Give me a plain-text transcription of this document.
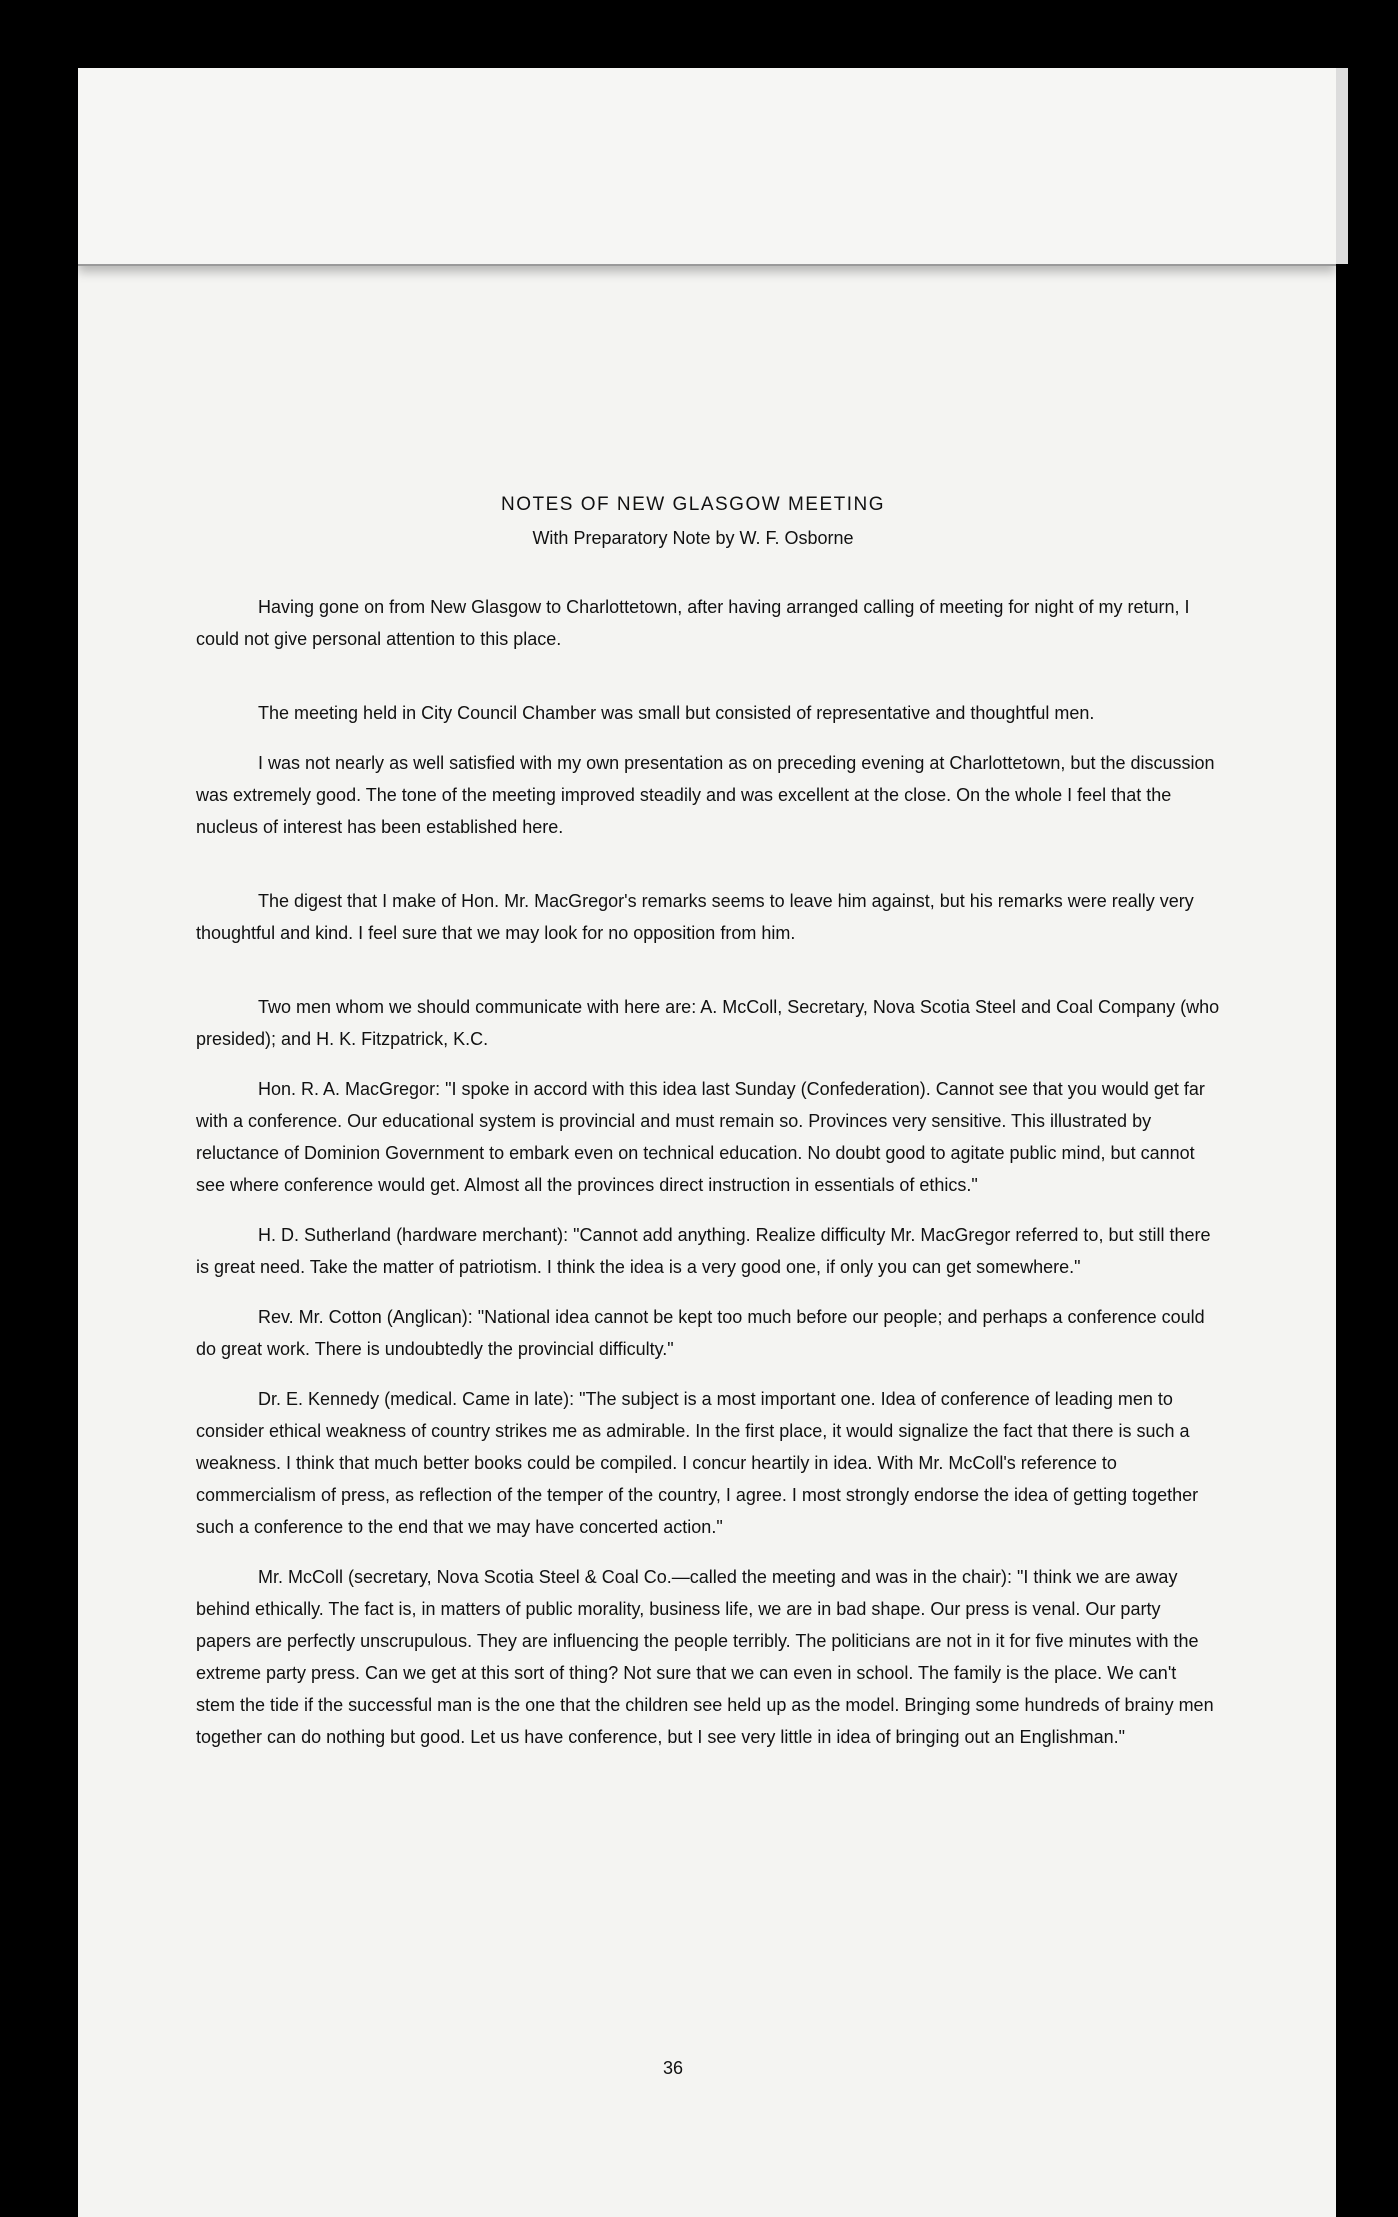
NOTES OF NEW GLASGOW MEETING
With Preparatory Note by W. F. Osborne

Having gone on from New Glasgow to Charlottetown, after having arranged calling of meeting for night of my return, I could not give personal attention to this place.

The meeting held in City Council Chamber was small but consisted of representative and thoughtful men.

I was not nearly as well satisfied with my own presentation as on preceding evening at Charlottetown, but the discussion was extremely good. The tone of the meeting improved steadily and was excellent at the close. On the whole I feel that the nucleus of interest has been established here.

The digest that I make of Hon. Mr. MacGregor's remarks seems to leave him against, but his remarks were really very thoughtful and kind. I feel sure that we may look for no opposition from him.

Two men whom we should communicate with here are: A. McColl, Secretary, Nova Scotia Steel and Coal Company (who presided); and H. K. Fitzpatrick, K.C.

Hon. R. A. MacGregor: "I spoke in accord with this idea last Sunday (Confederation). Cannot see that you would get far with a conference. Our educational system is provincial and must remain so. Provinces very sensitive. This illustrated by reluctance of Dominion Government to embark even on technical education. No doubt good to agitate public mind, but cannot see where conference would get. Almost all the provinces direct instruction in essentials of ethics."

H. D. Sutherland (hardware merchant): "Cannot add anything. Realize difficulty Mr. MacGregor referred to, but still there is great need. Take the matter of patriotism. I think the idea is a very good one, if only you can get somewhere."

Rev. Mr. Cotton (Anglican): "National idea cannot be kept too much before our people; and perhaps a conference could do great work. There is undoubtedly the provincial difficulty."

Dr. E. Kennedy (medical. Came in late): "The subject is a most important one. Idea of conference of leading men to consider ethical weakness of country strikes me as admirable. In the first place, it would signalize the fact that there is such a weakness. I think that much better books could be compiled. I concur heartily in idea. With Mr. McColl's reference to commercialism of press, as reflection of the temper of the country, I agree. I most strongly endorse the idea of getting together such a conference to the end that we may have concerted action."

Mr. McColl (secretary, Nova Scotia Steel & Coal Co.—called the meeting and was in the chair): "I think we are away behind ethically. The fact is, in matters of public morality, business life, we are in bad shape. Our press is venal. Our party papers are perfectly unscrupulous. They are influencing the people terribly. The politicians are not in it for five minutes with the extreme party press. Can we get at this sort of thing? Not sure that we can even in school. The family is the place. We can't stem the tide if the successful man is the one that the children see held up as the model. Bringing some hundreds of brainy men together can do nothing but good. Let us have conference, but I see very little in idea of bringing out an Englishman."

36
